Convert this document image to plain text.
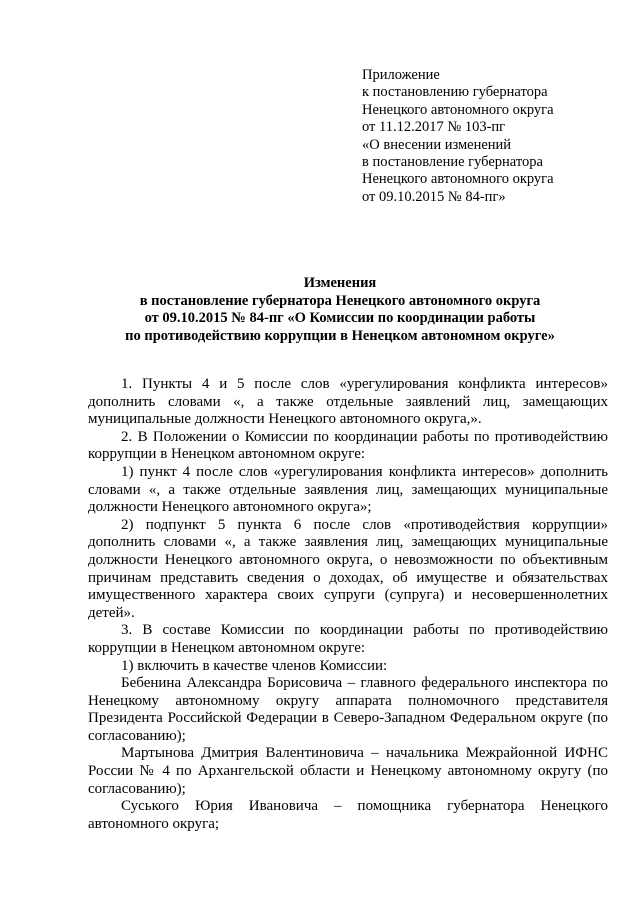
Приложение
к постановлению губернатора
Ненецкого автономного округа
от 11.12.2017 № 103-пг
«О внесении изменений
в постановление губернатора
Ненецкого автономного округа
от 09.10.2015 № 84-пг»
Изменения
в постановление губернатора Ненецкого автономного округа
от 09.10.2015 № 84-пг «О Комиссии по координации работы
по противодействию коррупции в Ненецком автономном округе»

1. Пункты 4 и 5 после слов «урегулирования конфликта интересов» дополнить словами «, а также отдельные заявлений лиц, замещающих муниципальные должности Ненецкого автономного округа,».

2. В Положении о Комиссии по координации работы по противодействию коррупции в Ненецком автономном округе:

1) пункт 4 после слов «урегулирования конфликта интересов» дополнить словами «, а также отдельные заявления лиц, замещающих муниципальные должности Ненецкого автономного округа»;

2) подпункт 5 пункта 6 после слов «противодействия коррупции» дополнить словами «, а также заявления лиц, замещающих муниципальные должности Ненецкого автономного округа, о невозможности по объективным причинам представить сведения о доходах, об имуществе и обязательствах имущественного характера своих супруги (супруга) и несовершеннолетних детей».

3. В составе Комиссии по координации работы по противодействию коррупции в Ненецком автономном округе:

1) включить в качестве членов Комиссии:

Бебенина Александра Борисовича – главного федерального инспектора по Ненецкому автономному округу аппарата полномочного представителя Президента Российской Федерации в Северо-Западном Федеральном округе (по согласованию);

Мартынова Дмитрия Валентиновича – начальника Межрайонной ИФНС России № 4 по Архангельской области и Ненецкому автономному округу (по согласованию);

Суського Юрия Ивановича – помощника губернатора Ненецкого автономного округа;
